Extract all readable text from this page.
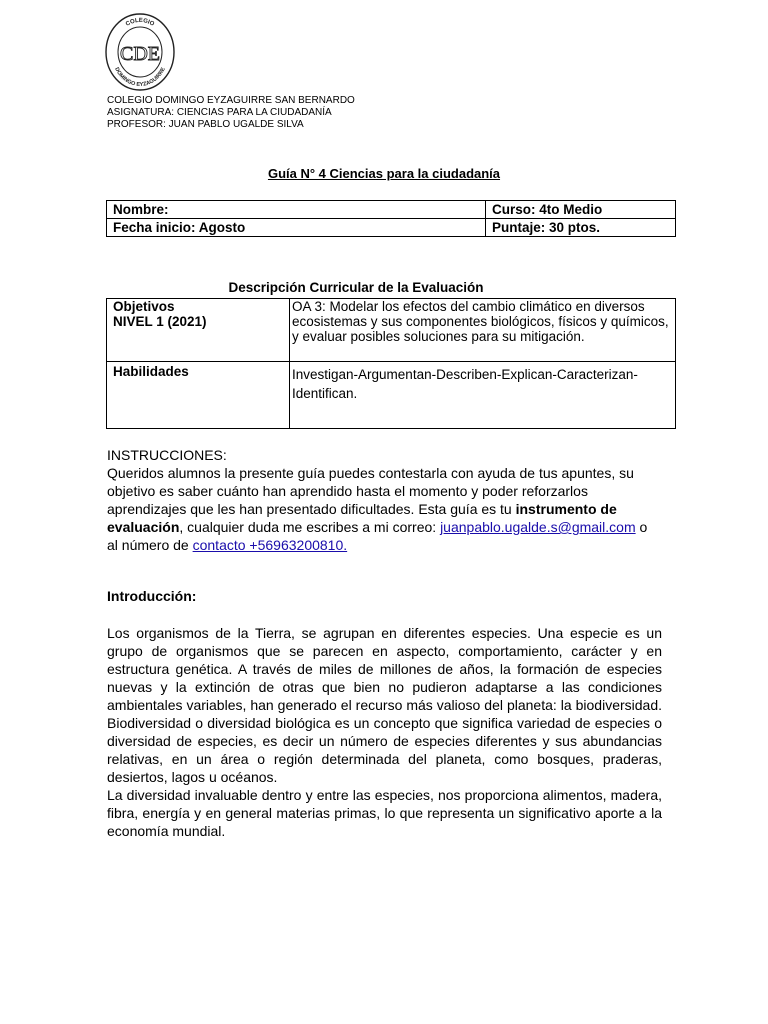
COLEGIO
DOMINGO EYZAGUIRRE
CDE
COLEGIO DOMINGO EYZAGUIRRE SAN BERNARDO
ASIGNATURA: CIENCIAS PARA LA CIUDADANÍA
PROFESOR: JUAN PABLO UGALDE SILVA
Guía N° 4 Ciencias para la ciudadanía
Nombre:	Curso: 4to Medio
Fecha inicio: Agosto	Puntaje: 30 ptos.
Descripción Curricular de la Evaluación
Objetivos
NIVEL 1 (2021)	OA 3: Modelar los efectos del cambio climático en diversos ecosistemas y sus componentes biológicos, físicos y químicos, y evaluar posibles soluciones para su mitigación.
Habilidades	Investigan-Argumentan-Describen-Explican-Caracterizan-Identifican.
INSTRUCCIONES:
Queridos alumnos la presente guía puedes contestarla con ayuda de tus apuntes, su objetivo es saber cuánto han aprendido hasta el momento y poder reforzarlos aprendizajes que les han presentado dificultades. Esta guía es tu instrumento de evaluación, cualquier duda me escribes a mi correo: juanpablo.ugalde.s@gmail.com o al número de contacto +56963200810.
Introducción:
Los organismos de la Tierra, se agrupan en diferentes especies. Una especie es un grupo de organismos que se parecen en aspecto, comportamiento, carácter y en estructura genética. A través de miles de millones de años, la formación de especies nuevas y la extinción de otras que bien no pudieron adaptarse a las condiciones ambientales variables, han generado el recurso más valioso del planeta: la biodiversidad. Biodiversidad o diversidad biológica es un concepto que significa variedad de especies o diversidad de especies, es decir un número de especies diferentes y sus abundancias relativas, en un área o región determinada del planeta, como bosques, praderas, desiertos, lagos u océanos.
La diversidad invaluable dentro y entre las especies, nos proporciona alimentos, madera, fibra, energía y en general materias primas, lo que representa un significativo aporte a la economía mundial.
